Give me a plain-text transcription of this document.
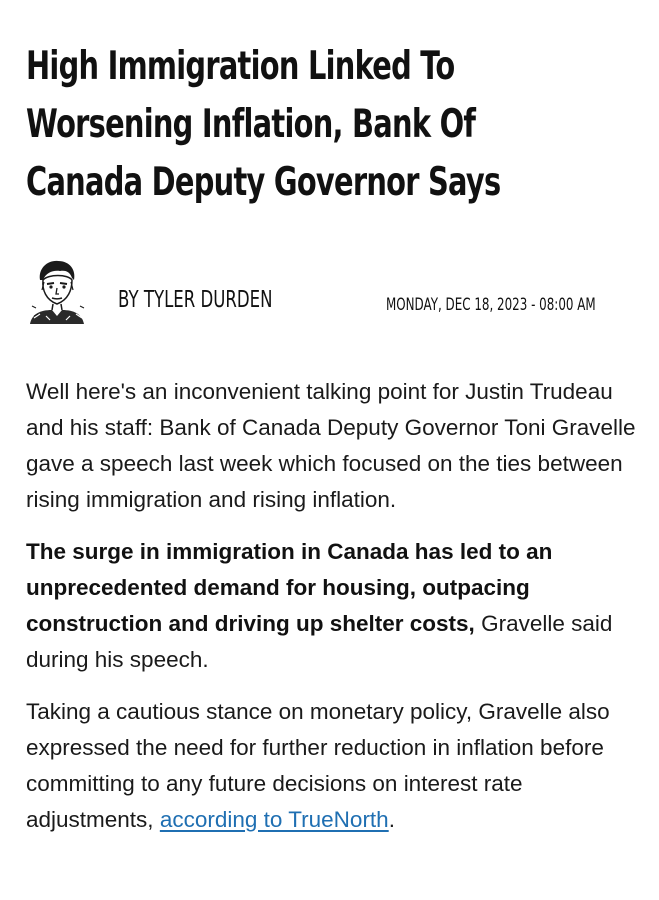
High Immigration Linked To
Worsening Inflation, Bank Of
Canada Deputy Governor Says
BY TYLER DURDEN	MONDAY, DEC 18, 2023 - 08:00 AM

Well here's an inconvenient talking point for Justin Trudeau and his staff: Bank of Canada Deputy Governor Toni Gravelle gave a speech last week which focused on the ties between rising immigration and rising inflation.

The surge in immigration in Canada has led to an unprecedented demand for housing, outpacing construction and driving up shelter costs, Gravelle said during his speech.

Taking a cautious stance on monetary policy, Gravelle also expressed the need for further reduction in inflation before committing to any future decisions on interest rate adjustments, according to TrueNorth.
